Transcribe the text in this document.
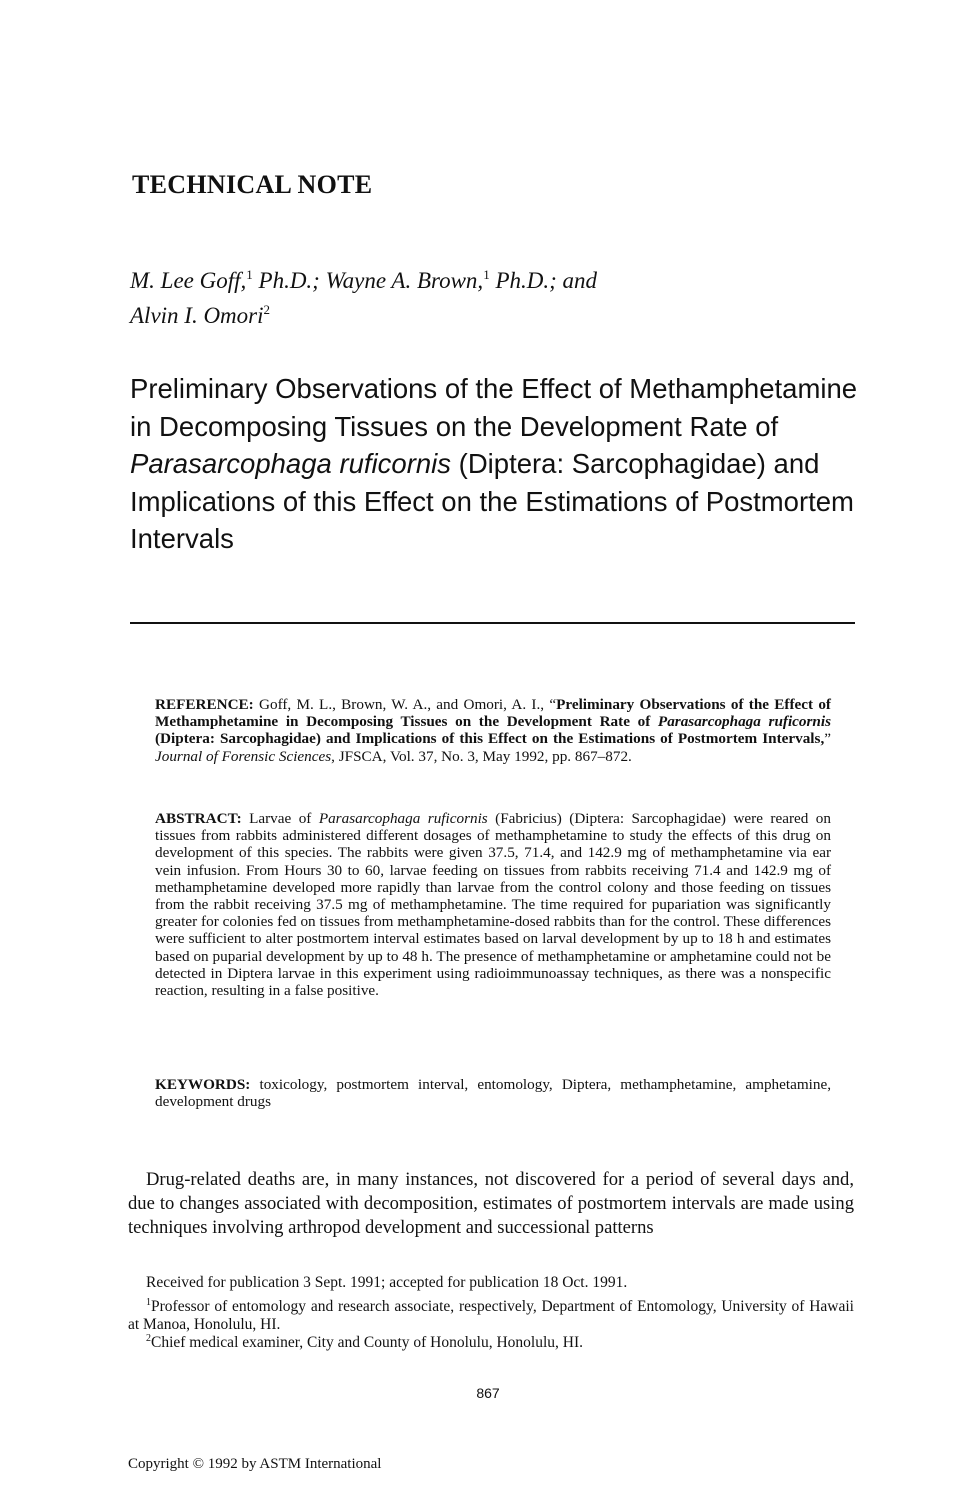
TECHNICAL NOTE
M. Lee Goff,$^1$ Ph.D.; Wayne A. Brown,$^1$ Ph.D.; and
Alvin I. Omori$^2$
Preliminary Observations of the Effect of Methamphetamine in Decomposing Tissues on the Development Rate of Parasarcophaga ruficornis (Diptera: Sarcophagidae) and Implications of this Effect on the Estimations of Postmortem Intervals
REFERENCE: Goff, M. L., Brown, W. A., and Omori, A. I., “Preliminary Observations of the Effect of Methamphetamine in Decomposing Tissues on the Development Rate of Parasarcophaga ruficornis (Diptera: Sarcophagidae) and Implications of this Effect on the Estimations of Postmortem Intervals,” Journal of Forensic Sciences, JFSCA, Vol. 37, No. 3, May 1992, pp. 867–872.
ABSTRACT: Larvae of Parasarcophaga ruficornis (Fabricius) (Diptera: Sarcophagidae) were reared on tissues from rabbits administered different dosages of methamphetamine to study the effects of this drug on development of this species. The rabbits were given 37.5, 71.4, and 142.9 mg of methamphetamine via ear vein infusion. From Hours 30 to 60, larvae feeding on tissues from rabbits receiving 71.4 and 142.9 mg of methamphetamine developed more rapidly than larvae from the control colony and those feeding on tissues from the rabbit receiving 37.5 mg of methamphetamine. The time required for pupariation was significantly greater for colonies fed on tissues from methamphetamine-dosed rabbits than for the control. These differences were sufficient to alter postmortem interval estimates based on larval development by up to 18 h and estimates based on puparial development by up to 48 h. The presence of methamphetamine or amphetamine could not be detected in Diptera larvae in this experiment using radioimmunoassay techniques, as there was a nonspecific reaction, resulting in a false positive.
KEYWORDS: toxicology, postmortem interval, entomology, Diptera, methamphetamine, amphetamine, development drugs
Drug-related deaths are, in many instances, not discovered for a period of several days and, due to changes associated with decomposition, estimates of postmortem intervals are made using techniques involving arthropod development and successional patterns
Received for publication 3 Sept. 1991; accepted for publication 18 Oct. 1991.
$^1$Professor of entomology and research associate, respectively, Department of Entomology, University of Hawaii at Manoa, Honolulu, HI.
$^2$Chief medical examiner, City and County of Honolulu, Honolulu, HI.
867
Copyright © 1992 by ASTM International
